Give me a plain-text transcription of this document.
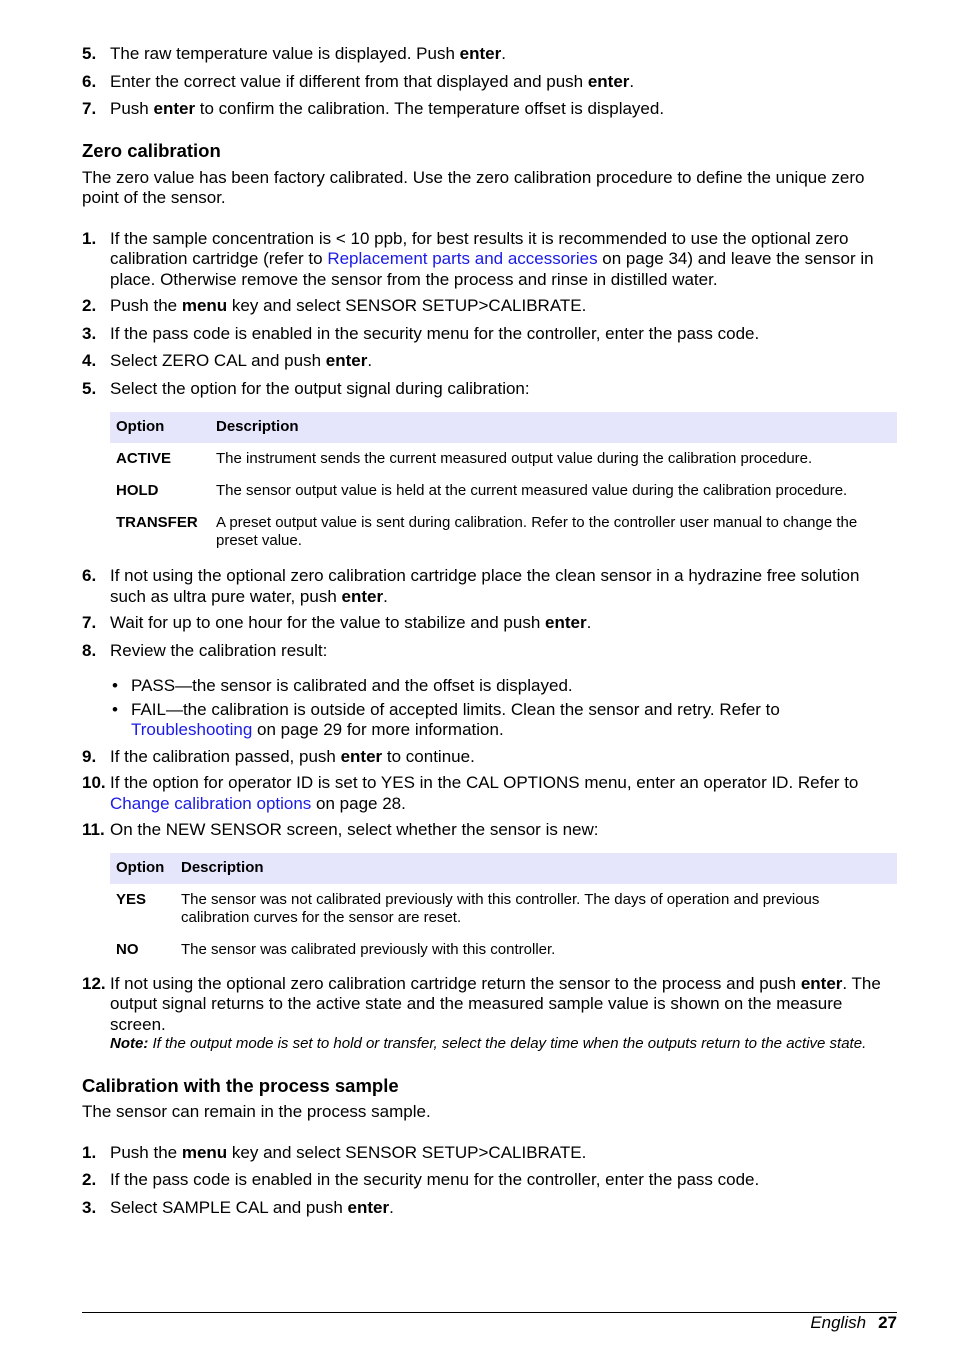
5. The raw temperature value is displayed. Push enter.
6. Enter the correct value if different from that displayed and push enter.
7. Push enter to confirm the calibration. The temperature offset is displayed.
Zero calibration

The zero value has been factory calibrated. Use the zero calibration procedure to define the unique zero point of the sensor.

1. If the sample concentration is < 10 ppb, for best results it is recommended to use the optional zero calibration cartridge (refer to Replacement parts and accessories on page 34) and leave the sensor in place. Otherwise remove the sensor from the process and rinse in distilled water.
2. Push the menu key and select SENSOR SETUP>CALIBRATE.
3. If the pass code is enabled in the security menu for the controller, enter the pass code.
4. Select ZERO CAL and push enter.
5. Select the option for the output signal during calibration:
Option	Description
ACTIVE	The instrument sends the current measured output value during the calibration procedure.
HOLD	The sensor output value is held at the current measured value during the calibration procedure.
TRANSFER	A preset output value is sent during calibration. Refer to the controller user manual to change the preset value.
6. If not using the optional zero calibration cartridge place the clean sensor in a hydrazine free solution such as ultra pure water, push enter.
7. Wait for up to one hour for the value to stabilize and push enter.
8. Review the calibration result:
• PASS—the sensor is calibrated and the offset is displayed.
• FAIL—the calibration is outside of accepted limits. Clean the sensor and retry. Refer to Troubleshooting on page 29 for more information.
9. If the calibration passed, push enter to continue.
10. If the option for operator ID is set to YES in the CAL OPTIONS menu, enter an operator ID. Refer to Change calibration options on page 28.
11. On the NEW SENSOR screen, select whether the sensor is new:
Option	Description
YES	The sensor was not calibrated previously with this controller. The days of operation and previous calibration curves for the sensor are reset.
NO	The sensor was calibrated previously with this controller.
12. If not using the optional zero calibration cartridge return the sensor to the process and push enter. The output signal returns to the active state and the measured sample value is shown on the measure screen.
Note: If the output mode is set to hold or transfer, select the delay time when the outputs return to the active state.
Calibration with the process sample

The sensor can remain in the process sample.

1. Push the menu key and select SENSOR SETUP>CALIBRATE.
2. If the pass code is enabled in the security menu for the controller, enter the pass code.
3. Select SAMPLE CAL and push enter.
English 27
